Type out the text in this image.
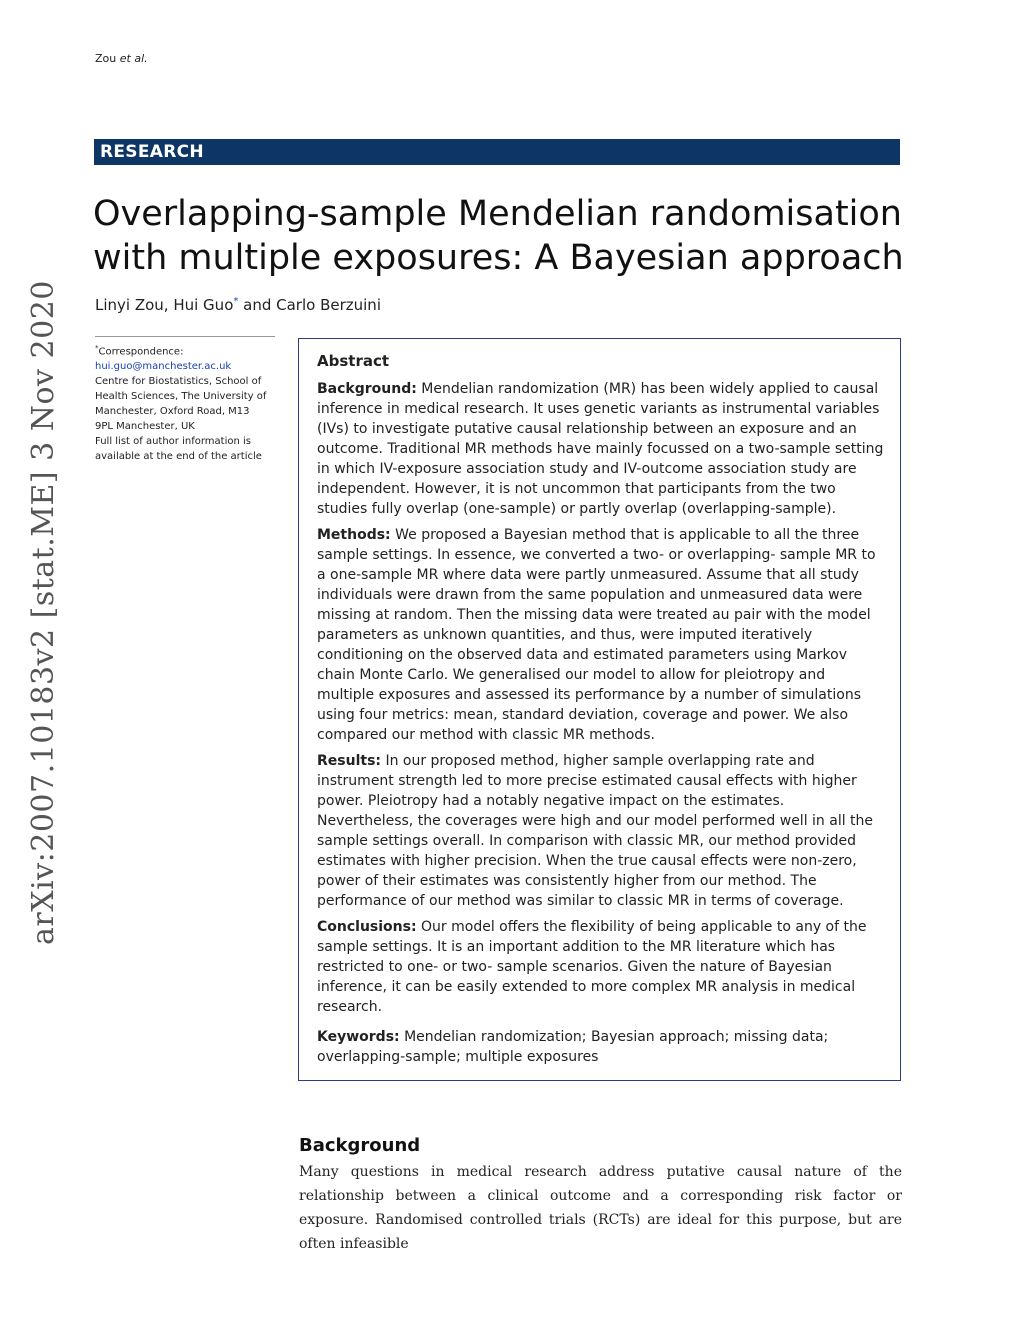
Zou et al.
RESEARCH
Overlapping-sample Mendelian randomisation
with multiple exposures: A Bayesian approach
Linyi Zou, Hui Guo* and Carlo Berzuini
*Correspondence:
hui.guo@manchester.ac.uk
Centre for Biostatistics, School of
Health Sciences, The University of
Manchester, Oxford Road, M13
9PL Manchester, UK
Full list of author information is
available at the end of the article
arXiv:2007.10183v2 [stat.ME] 3 Nov 2020	Abstract

Background: Mendelian randomization (MR) has been widely applied to causal inference in medical research. It uses genetic variants as instrumental variables (IVs) to investigate putative causal relationship between an exposure and an outcome. Traditional MR methods have mainly focussed on a two-sample setting in which IV-exposure association study and IV-outcome association study are independent. However, it is not uncommon that participants from the two studies fully overlap (one-sample) or partly overlap (overlapping-sample).

Methods: We proposed a Bayesian method that is applicable to all the three sample settings. In essence, we converted a two- or overlapping- sample MR to a one-sample MR where data were partly unmeasured. Assume that all study individuals were drawn from the same population and unmeasured data were missing at random. Then the missing data were treated au pair with the model parameters as unknown quantities, and thus, were imputed iteratively conditioning on the observed data and estimated parameters using Markov chain Monte Carlo. We generalised our model to allow for pleiotropy and multiple exposures and assessed its performance by a number of simulations using four metrics: mean, standard deviation, coverage and power. We also compared our method with classic MR methods.

Results: In our proposed method, higher sample overlapping rate and instrument strength led to more precise estimated causal effects with higher power. Pleiotropy had a notably negative impact on the estimates. Nevertheless, the coverages were high and our model performed well in all the sample settings overall. In comparison with classic MR, our method provided estimates with higher precision. When the true causal effects were non-zero, power of their estimates was consistently higher from our method. The performance of our method was similar to classic MR in terms of coverage.

Conclusions: Our model offers the flexibility of being applicable to any of the sample settings. It is an important addition to the MR literature which has restricted to one- or two- sample scenarios. Given the nature of Bayesian inference, it can be easily extended to more complex MR analysis in medical research.

Keywords: Mendelian randomization; Bayesian approach; missing data; overlapping-sample; multiple exposures

Background

Many questions in medical research address putative causal nature of the relationship between a clinical outcome and a corresponding risk factor or exposure. Randomised controlled trials (RCTs) are ideal for this purpose, but are often infeasible
